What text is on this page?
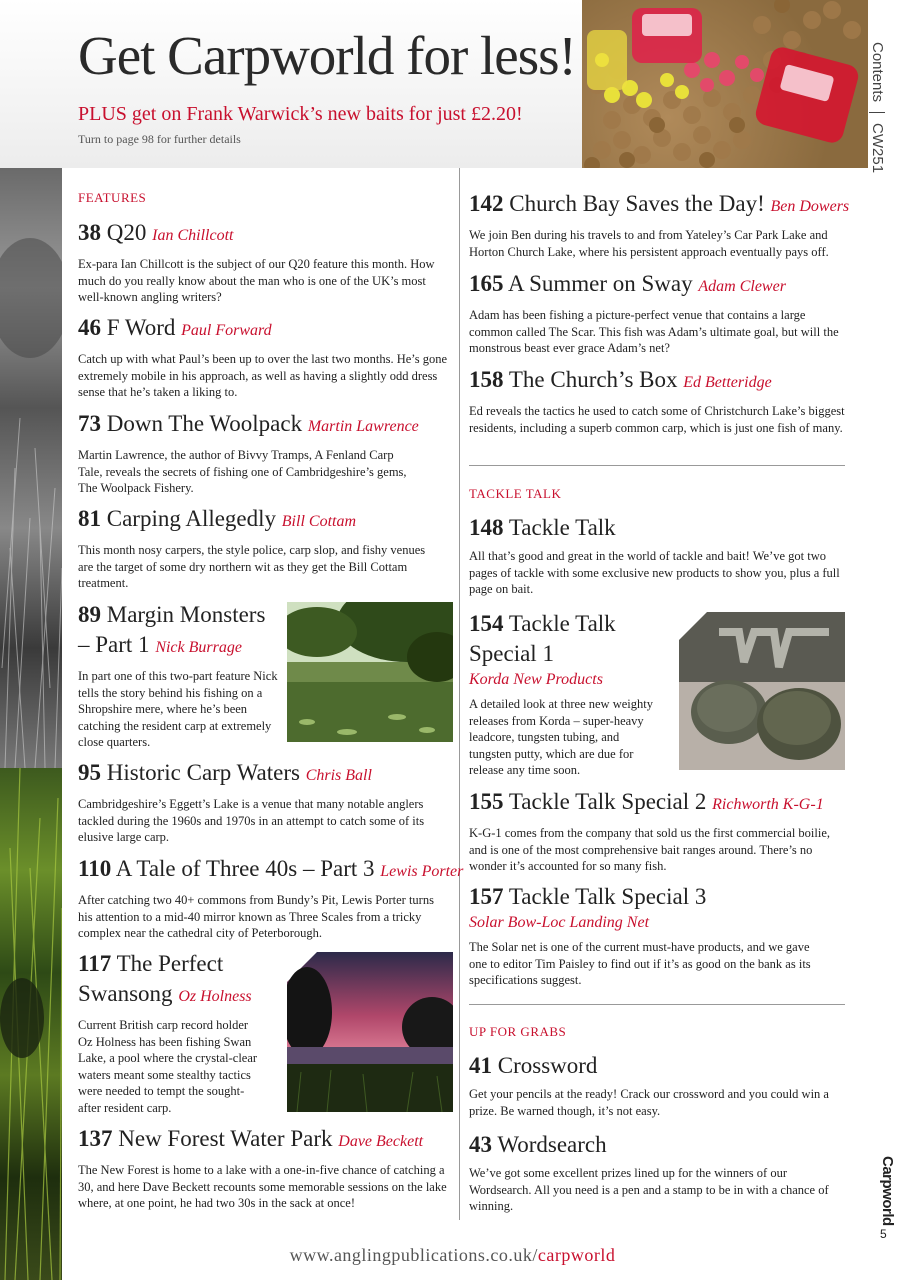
Get Carpworld for less!
PLUS get on Frank Warwick’s new baits for just £2.20!
Turn to page 98 for further details
ContentsCW251
FEATURES
38 Q20 Ian Chillcott
Ex-para Ian Chillcott is the subject of our Q20 feature this month. How much do you really know about the man who is one of the UK’s most well-known angling writers?
46 F Word Paul Forward
Catch up with what Paul’s been up to over the last two months. He’s gone extremely mobile in his approach, as well as having a slightly odd dress sense that he’s taken a liking to.
73 Down The Woolpack Martin Lawrence
Martin Lawrence, the author of Bivvy Tramps, A Fenland Carp Tale, reveals the secrets of fishing one of Cambridgeshire’s gems, The Woolpack Fishery.
81 Carping Allegedly Bill Cottam
This month nosy carpers, the style police, carp slop, and fishy venues are the target of some dry northern wit as they get the Bill Cottam treatment.
89 Margin Monsters
– Part 1 Nick Burrage
In part one of this two-part feature Nick tells the story behind his fishing on a Shropshire mere, where he’s been catching the resident carp at extremely close quarters.
95 Historic Carp Waters Chris Ball
Cambridgeshire’s Eggett’s Lake is a venue that many notable anglers tackled during the 1960s and 1970s in an attempt to catch some of its elusive large carp.
110 A Tale of Three 40s – Part 3 Lewis Porter
After catching two 40+ commons from Bundy’s Pit, Lewis Porter turns his attention to a mid-40 mirror known as Three Scales from a tricky complex near the cathedral city of Peterborough.
117 The Perfect
Swansong Oz Holness
Current British carp record holder Oz Holness has been fishing Swan Lake, a pool where the crystal-clear waters meant some stealthy tactics were needed to tempt the sought-after resident carp.
137 New Forest Water Park Dave Beckett
The New Forest is home to a lake with a one-in-five chance of catching a 30, and here Dave Beckett recounts some memorable sessions on the lake where, at one point, he had two 30s in the sack at once!
142 Church Bay Saves the Day! Ben Dowers
We join Ben during his travels to and from Yateley’s Car Park Lake and Horton Church Lake, where his persistent approach eventually pays off.
165 A Summer on Sway Adam Clewer
Adam has been fishing a picture-perfect venue that contains a large common called The Scar. This fish was Adam’s ultimate goal, but will the monstrous beast ever grace Adam’s net?
158 The Church’s Box Ed Betteridge
Ed reveals the tactics he used to catch some of Christchurch Lake’s biggest residents, including a superb common carp, which is just one fish of many.
TACKLE TALK
148 Tackle Talk
All that’s good and great in the world of tackle and bait! We’ve got two pages of tackle with some exclusive new products to show you, plus a full page on bait.
154 Tackle Talk
Special 1
Korda New Products
A detailed look at three new weighty releases from Korda – super-heavy leadcore, tungsten tubing, and tungsten putty, which are due for release any time soon.
155 Tackle Talk Special 2 Richworth K-G-1
K-G-1 comes from the company that sold us the first commercial boilie, and is one of the most comprehensive bait ranges around. There’s no wonder it’s accounted for so many fish.
157 Tackle Talk Special 3
Solar Bow-Loc Landing Net
The Solar net is one of the current must-have products, and we gave one to editor Tim Paisley to find out if it’s as good on the bank as its specifications suggest.
UP FOR GRABS
41 Crossword
Get your pencils at the ready! Crack our crossword and you could win a prize. Be warned though, it’s not easy.
43 Wordsearch
We’ve got some excellent prizes lined up for the winners of our Wordsearch. All you need is a pen and a stamp to be in with a chance of winning.
www.anglingpublications.co.uk/carpworld
Carpworld
5
